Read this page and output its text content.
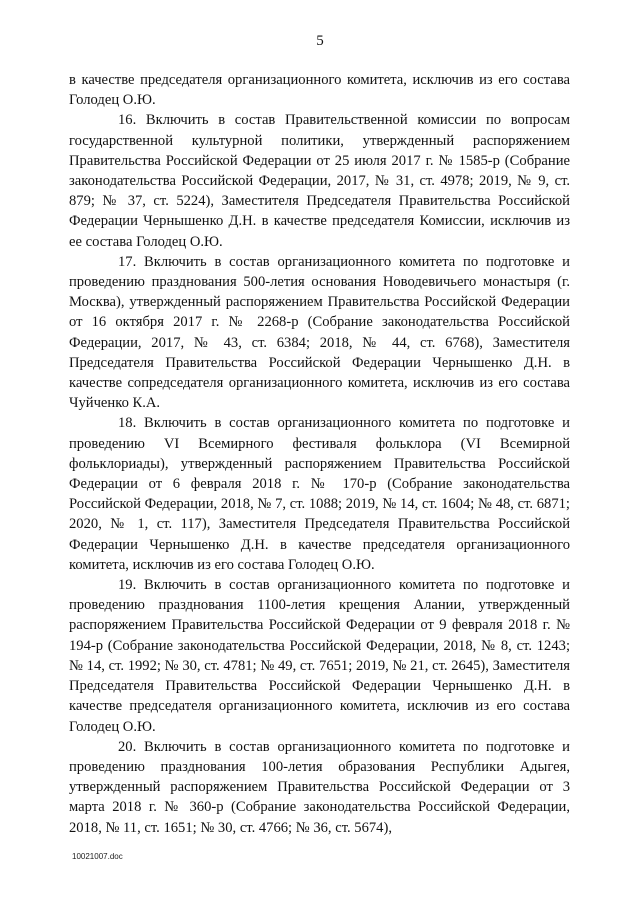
5

в качестве председателя организационного комитета, исключив из его состава Голодец О.Ю.

16. Включить в состав Правительственной комиссии по вопросам государственной культурной политики, утвержденный распоряжением Правительства Российской Федерации от 25 июля 2017 г. № 1585-р (Собрание законодательства Российской Федерации, 2017, № 31, ст. 4978; 2019, № 9, ст. 879; № 37, ст. 5224), Заместителя Председателя Правительства Российской Федерации Чернышенко Д.Н. в качестве председателя Комиссии, исключив из ее состава Голодец О.Ю.

17. Включить в состав организационного комитета по подготовке и проведению празднования 500-летия основания Новодевичьего монастыря (г. Москва), утвержденный распоряжением Правительства Российской Федерации от 16 октября 2017 г. № 2268-р (Собрание законодательства Российской Федерации, 2017, № 43, ст. 6384; 2018, № 44, ст. 6768), Заместителя Председателя Правительства Российской Федерации Чернышенко Д.Н. в качестве сопредседателя организационного комитета, исключив из его состава Чуйченко К.А.

18. Включить в состав организационного комитета по подготовке и проведению VI Всемирного фестиваля фольклора (VI Всемирной фольклориады), утвержденный распоряжением Правительства Российской Федерации от 6 февраля 2018 г. № 170-р (Собрание законодательства Российской Федерации, 2018, № 7, ст. 1088; 2019, № 14, ст. 1604; № 48, ст. 6871; 2020, № 1, ст. 117), Заместителя Председателя Правительства Российской Федерации Чернышенко Д.Н. в качестве председателя организационного комитета, исключив из его состава Голодец О.Ю.

19. Включить в состав организационного комитета по подготовке и проведению празднования 1100-летия крещения Алании, утвержденный распоряжением Правительства Российской Федерации от 9 февраля 2018 г. № 194-р (Собрание законодательства Российской Федерации, 2018, № 8, ст. 1243; № 14, ст. 1992; № 30, ст. 4781; № 49, ст. 7651; 2019, № 21, ст. 2645), Заместителя Председателя Правительства Российской Федерации Чернышенко Д.Н. в качестве председателя организационного комитета, исключив из его состава Голодец О.Ю.

20. Включить в состав организационного комитета по подготовке и проведению празднования 100-летия образования Республики Адыгея, утвержденный распоряжением Правительства Российской Федерации от 3 марта 2018 г. № 360-р (Собрание законодательства Российской Федерации, 2018, № 11, ст. 1651; № 30, ст. 4766; № 36, ст. 5674),

10021007.doc
